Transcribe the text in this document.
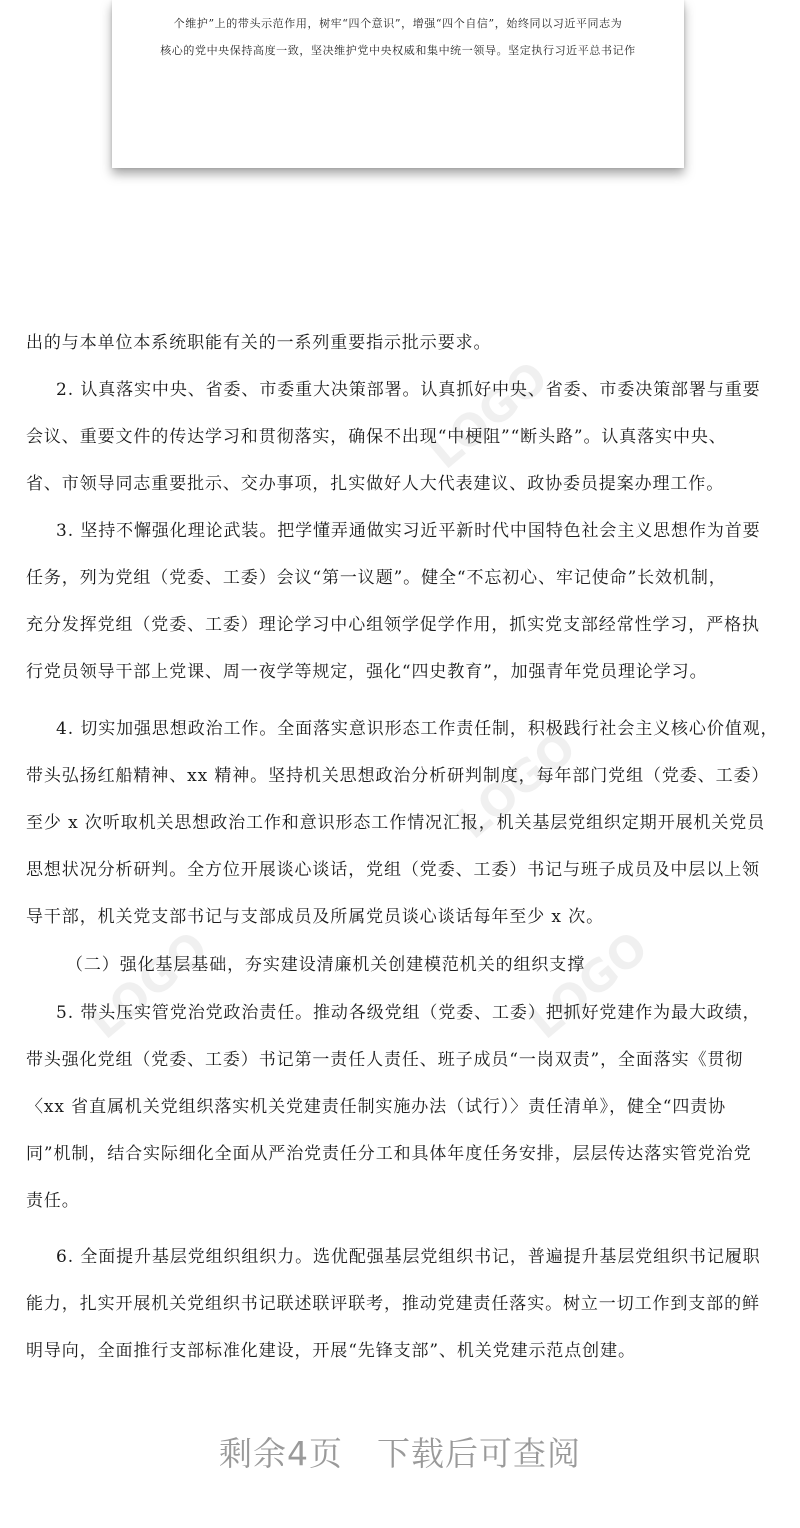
个维护”上的带头示范作用，树牢“四个意识”，增强“四个自信”，始终同以习近平同志为

核心的党中央保持高度一致，坚决维护党中央权威和集中统一领导。坚定执行习近平总书记作

LOGO
LOGO	LOGO
LOGO
出的与本单位本系统职能有关的一系列重要指示批示要求。
2. 认真落实中央、省委、市委重大决策部署。认真抓好中央、省委、市委决策部署与重要
会议、重要文件的传达学习和贯彻落实，确保不出现“中梗阻”“断头路”。认真落实中央、
省、市领导同志重要批示、交办事项，扎实做好人大代表建议、政协委员提案办理工作。
3. 坚持不懈强化理论武装。把学懂弄通做实习近平新时代中国特色社会主义思想作为首要
任务，列为党组（党委、工委）会议“第一议题”。健全“不忘初心、牢记使命”长效机制，
充分发挥党组（党委、工委）理论学习中心组领学促学作用，抓实党支部经常性学习，严格执
行党员领导干部上党课、周一夜学等规定，强化“四史教育”，加强青年党员理论学习。
4. 切实加强思想政治工作。全面落实意识形态工作责任制，积极践行社会主义核心价值观，
带头弘扬红船精神、xx 精神。坚持机关思想政治分析研判制度，每年部门党组（党委、工委）
至少 x 次听取机关思想政治工作和意识形态工作情况汇报，机关基层党组织定期开展机关党员
思想状况分析研判。全方位开展谈心谈话，党组（党委、工委）书记与班子成员及中层以上领
导干部，机关党支部书记与支部成员及所属党员谈心谈话每年至少 x 次。
（二）强化基层基础，夯实建设清廉机关创建模范机关的组织支撑
5. 带头压实管党治党政治责任。推动各级党组（党委、工委）把抓好党建作为最大政绩，
带头强化党组（党委、工委）书记第一责任人责任、班子成员“一岗双责”，全面落实《贯彻
〈xx 省直属机关党组织落实机关党建责任制实施办法（试行）〉责任清单》，健全“四责协
同”机制，结合实际细化全面从严治党责任分工和具体年度任务安排，层层传达落实管党治党
责任。
6. 全面提升基层党组织组织力。选优配强基层党组织书记，普遍提升基层党组织书记履职
能力，扎实开展机关党组织书记联述联评联考，推动党建责任落实。树立一切工作到支部的鲜
明导向，全面推行支部标准化建设，开展“先锋支部”、机关党建示范点创建。
剩余4页　下载后可查阅
